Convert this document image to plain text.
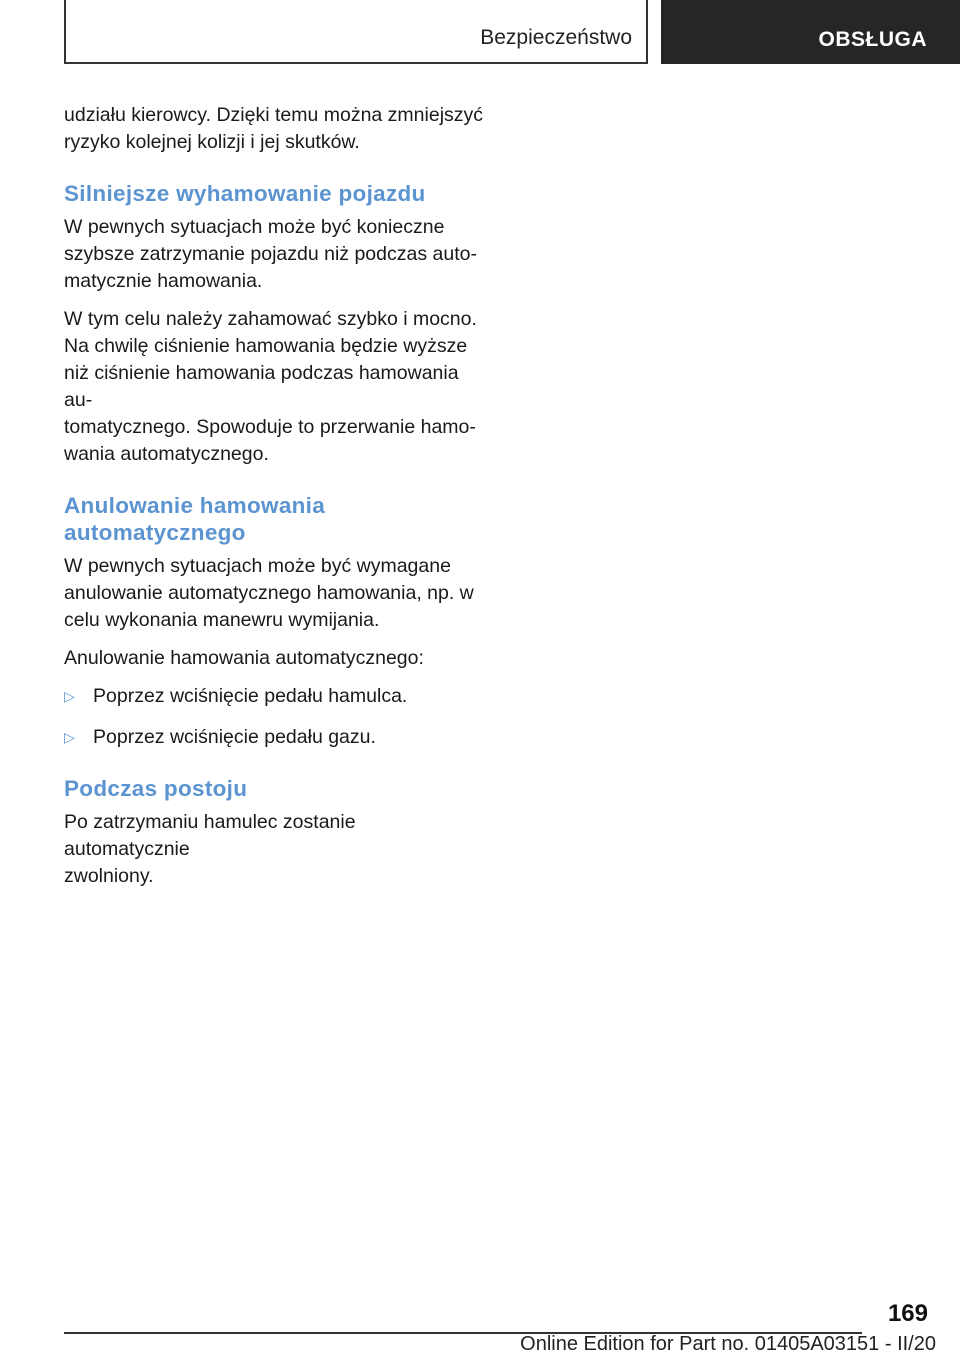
Bezpieczeństwo	OBSŁUGA

udziału kierowcy. Dzięki temu można zmniejszyć
ryzyko kolejnej kolizji i jej skutków.

Silniejsze wyhamowanie pojazdu

W pewnych sytuacjach może być konieczne
szybsze zatrzymanie pojazdu niż podczas auto-
matycznie hamowania.

W tym celu należy zahamować szybko i mocno.
Na chwilę ciśnienie hamowania będzie wyższe
niż ciśnienie hamowania podczas hamowania au-
tomatycznego. Spowoduje to przerwanie hamo-
wania automatycznego.

Anulowanie hamowania
automatycznego

W pewnych sytuacjach może być wymagane
anulowanie automatycznego hamowania, np. w
celu wykonania manewru wymijania.

Anulowanie hamowania automatycznego:

▷ Poprzez wciśnięcie pedału hamulca.
▷ Poprzez wciśnięcie pedału gazu.
Podczas postoju

Po zatrzymaniu hamulec zostanie automatycznie
zwolniony.

169
Online Edition for Part no. 01405A03151 - II/20
